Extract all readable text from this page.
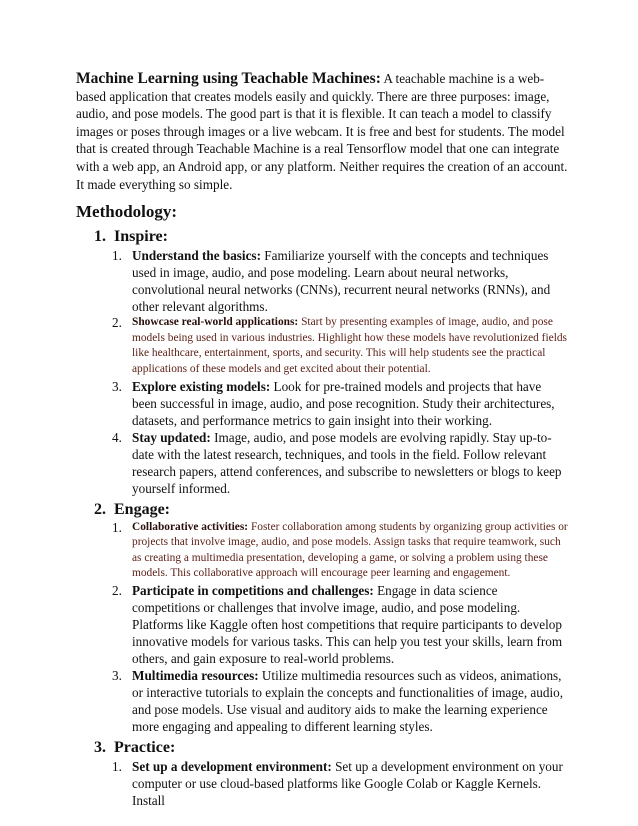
Machine Learning using Teachable Machines: A teachable machine is a web-based application that creates models easily and quickly. There are three purposes: image, audio, and pose models. The good part is that it is flexible. It can teach a model to classify images or poses through images or a live webcam. It is free and best for students. The model that is created through Teachable Machine is a real Tensorflow model that one can integrate with a web app, an Android app, or any platform. Neither requires the creation of an account. It made everything so simple.

Methodology:
1. Inspire:
1. Understand the basics: Familiarize yourself with the concepts and techniques used in image, audio, and pose modeling. Learn about neural networks, convolutional neural networks (CNNs), recurrent neural networks (RNNs), and other relevant algorithms.
2. Showcase real-world applications: Start by presenting examples of image, audio, and pose models being used in various industries. Highlight how these models have revolutionized fields like healthcare, entertainment, sports, and security. This will help students see the practical applications of these models and get excited about their potential.
3. Explore existing models: Look for pre-trained models and projects that have been successful in image, audio, and pose recognition. Study their architectures, datasets, and performance metrics to gain insight into their working.
4. Stay updated: Image, audio, and pose models are evolving rapidly. Stay up-to-date with the latest research, techniques, and tools in the field. Follow relevant research papers, attend conferences, and subscribe to newsletters or blogs to keep yourself informed.
2. Engage:
1. Collaborative activities: Foster collaboration among students by organizing group activities or projects that involve image, audio, and pose models. Assign tasks that require teamwork, such as creating a multimedia presentation, developing a game, or solving a problem using these models. This collaborative approach will encourage peer learning and engagement.
2. Participate in competitions and challenges: Engage in data science competitions or challenges that involve image, audio, and pose modeling. Platforms like Kaggle often host competitions that require participants to develop innovative models for various tasks. This can help you test your skills, learn from others, and gain exposure to real-world problems.
3. Multimedia resources: Utilize multimedia resources such as videos, animations, or interactive tutorials to explain the concepts and functionalities of image, audio, and pose models. Use visual and auditory aids to make the learning experience more engaging and appealing to different learning styles.
3. Practice:
1. Set up a development environment: Set up a development environment on your computer or use cloud-based platforms like Google Colab or Kaggle Kernels. Install
